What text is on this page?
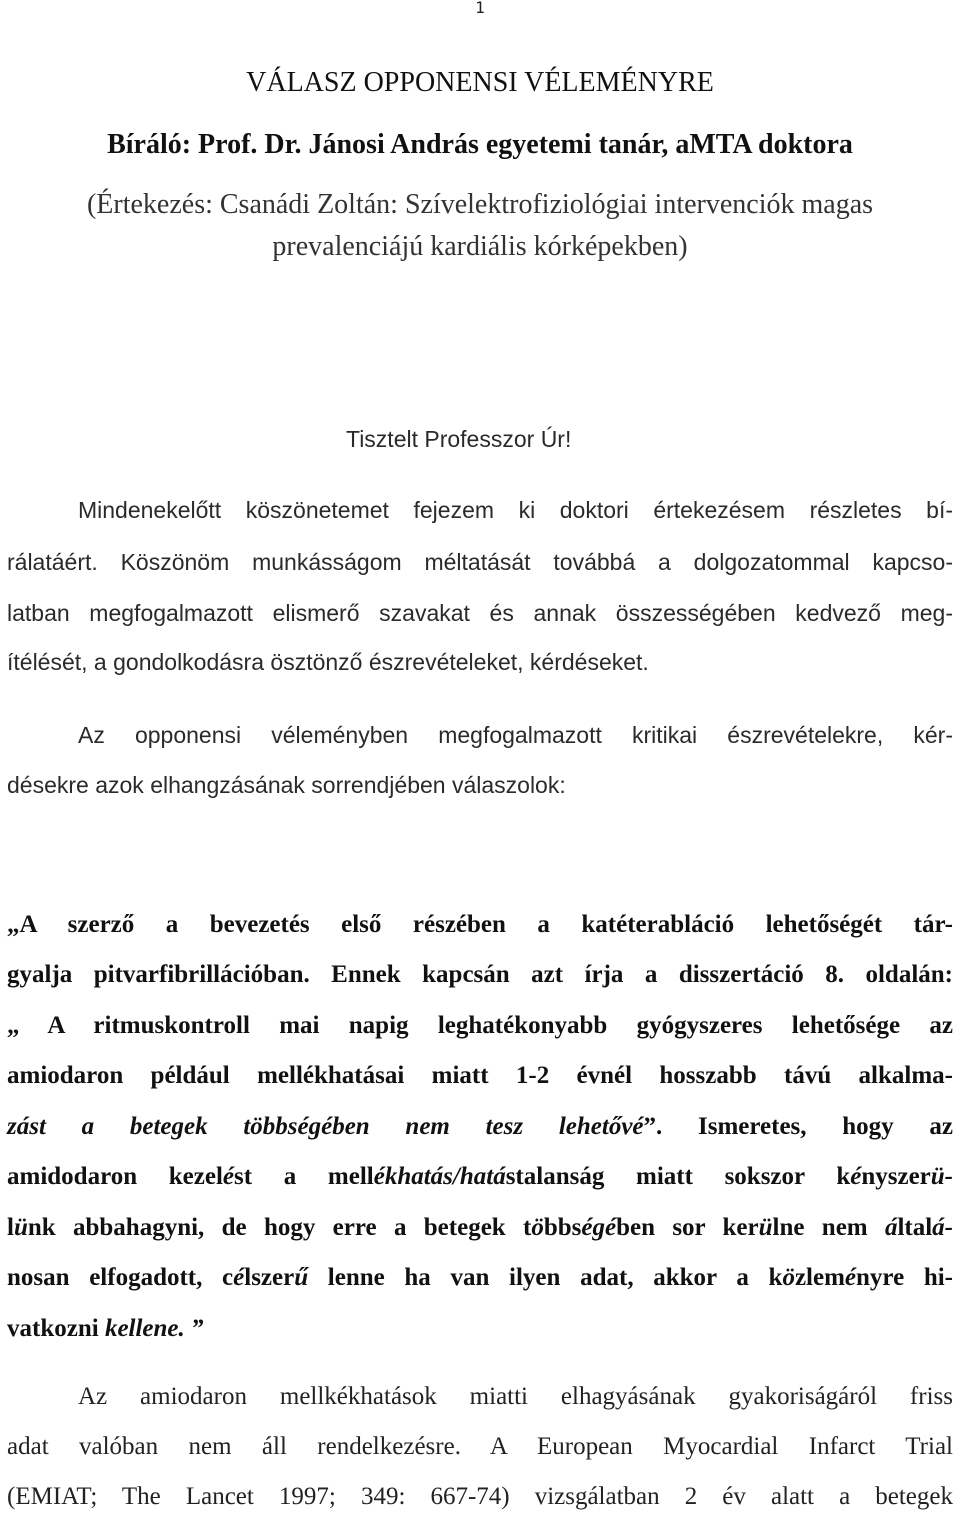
1
VÁLASZ OPPONENSI VÉLEMÉNYRE
Bíráló: Prof. Dr. Jánosi András egyetemi tanár, aMTA doktora
(Értekezés: Csanádi Zoltán: Szívelektrofiziológiai intervenciók magas
prevalenciájú kardiális kórképekben)
Tisztelt Professzor Úr!
Mindenekelőtt köszönetemet fejezem ki doktori értekezésem részletes bí-
rálatáért. Köszönöm munkásságom méltatását továbbá a dolgozatommal kapcso-
latban megfogalmazott elismerő szavakat és annak összességében kedvező meg-
ítélését, a gondolkodásra ösztönző észrevételeket, kérdéseket.
Az opponensi véleményben megfogalmazott kritikai észrevételekre, kér-
désekre azok elhangzásának sorrendjében válaszolok:
„A szerző a bevezetés első részében a katéterabláció lehetőségét tár-
gyalja pitvarfibrillációban. Ennek kapcsán azt írja a disszertáció 8. oldalán:
„ A ritmuskontroll mai napig leghatékonyabb gyógyszeres lehetősége az
amiodaron például mellékhatásai miatt 1-2 évnél hosszabb távú alkalma-
zást a betegek többségében nem tesz lehetővé”. Ismeretes, hogy az
amidodaron kezelést a mellékhatás/hatástalanság miatt sokszor kényszerü-
lünk abbahagyni, de hogy erre a betegek többségében sor kerülne nem általá-
nosan elfogadott, célszerű lenne ha van ilyen adat, akkor a közleményre hi-
vatkozni kellene. ”
Az amiodaron mellkékhatások miatti elhagyásának gyakoriságáról friss
adat valóban nem áll rendelkezésre. A European Myocardial Infarct Trial
(EMIAT; The Lancet 1997; 349: 667-74) vizsgálatban 2 év alatt a betegek
